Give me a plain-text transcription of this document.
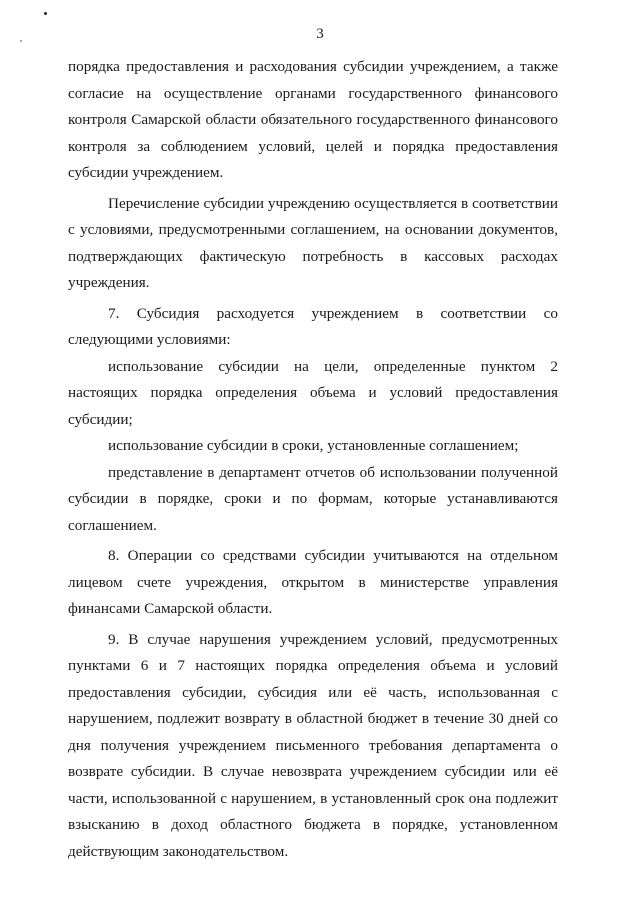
3

порядка предоставления и расходования субсидии учреждением, а также согласие на осуществление органами государственного финансового контроля Самарской области обязательного государственного финансового контроля за соблюдением условий, целей и порядка предоставления субсидии учреждением.

Перечисление субсидии учреждению осуществляется в соответствии с условиями, предусмотренными соглашением, на основании документов, подтверждающих фактическую потребность в кассовых расходах учреждения.

7. Субсидия расходуется учреждением в соответствии со следующими условиями:

использование субсидии на цели, определенные пунктом 2 настоящих порядка определения объема и условий предоставления субсидии;

использование субсидии в сроки, установленные соглашением;

представление в департамент отчетов об использовании полученной субсидии в порядке, сроки и по формам, которые устанавливаются соглашением.

8. Операции со средствами субсидии учитываются на отдельном лицевом счете учреждения, открытом в министерстве управления финансами Самарской области.

9. В случае нарушения учреждением условий, предусмотренных пунктами 6 и 7 настоящих порядка определения объема и условий предоставления субсидии, субсидия или её часть, использованная с нарушением, подлежит возврату в областной бюджет в течение 30 дней со дня получения учреждением письменного требования департамента о возврате субсидии. В случае невозврата учреждением субсидии или её части, использованной с нарушением, в установленный срок она подлежит взысканию в доход областного бюджета в порядке, установленном действующим законодательством.
